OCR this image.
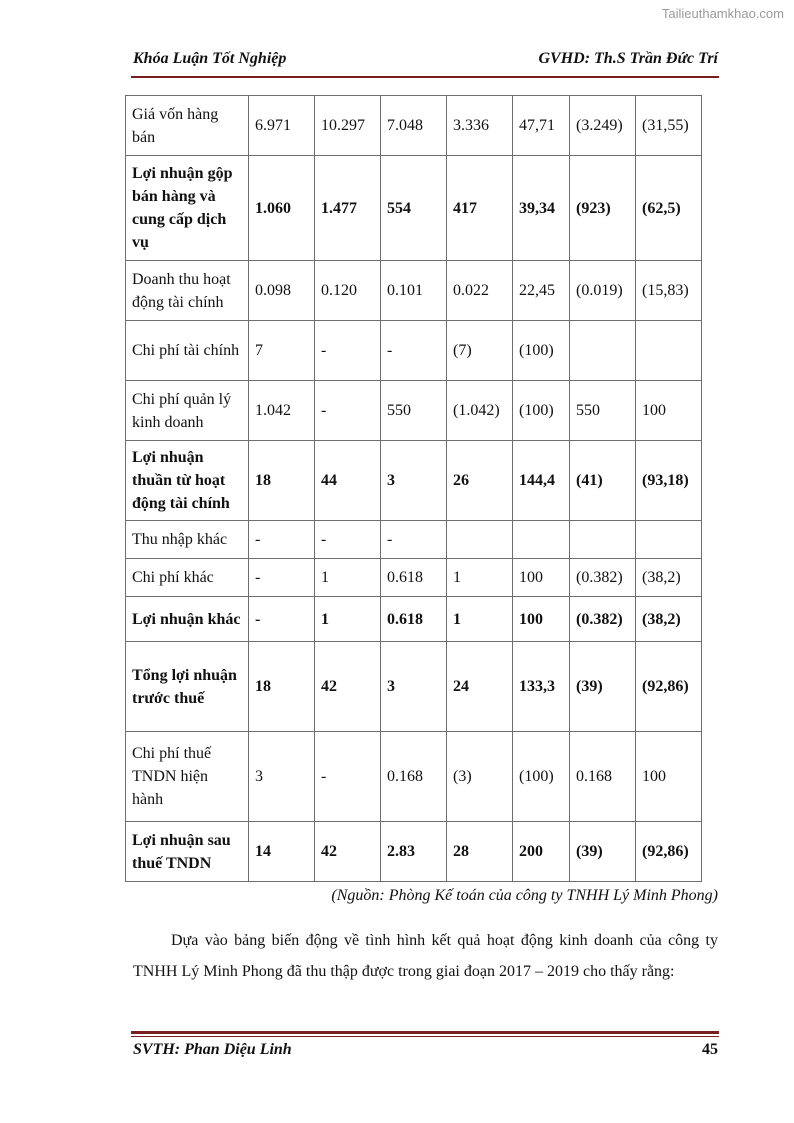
Tailieuthamkhao.com
Khóa Luận Tốt Nghiệp	GVHD: Th.S Trần Đức Trí
Giá vốn hàng bán	6.971	10.297	7.048	3.336	47,71	(3.249)	(31,55)
Lợi nhuận gộp bán hàng và cung cấp dịch vụ	1.060	1.477	554	417	39,34	(923)	(62,5)
Doanh thu hoạt động tài chính	0.098	0.120	0.101	0.022	22,45	(0.019)	(15,83)
Chi phí tài chính	7	-	-	(7)	(100)		
Chi phí quản lý kinh doanh	1.042	-	550	(1.042)	(100)	550	100
Lợi nhuận thuần từ hoạt động tài chính	18	44	3	26	144,4	(41)	(93,18)
Thu nhập khác	-	-	-				
Chi phí khác	-	1	0.618	1	100	(0.382)	(38,2)
Lợi nhuận khác	-	1	0.618	1	100	(0.382)	(38,2)
Tổng lợi nhuận trước thuế	18	42	3	24	133,3	(39)	(92,86)
Chi phí thuế TNDN hiện hành	3	-	0.168	(3)	(100)	0.168	100
Lợi nhuận sau thuế TNDN	14	42	2.83	28	200	(39)	(92,86)
(Nguồn: Phòng Kế toán của công ty TNHH Lý Minh Phong)

Dựa vào bảng biến động về tình hình kết quả hoạt động kinh doanh của công ty TNHH Lý Minh Phong đã thu thập được trong giai đoạn 2017 – 2019 cho thấy rằng:

SVTH: Phan Diệu Linh	45
